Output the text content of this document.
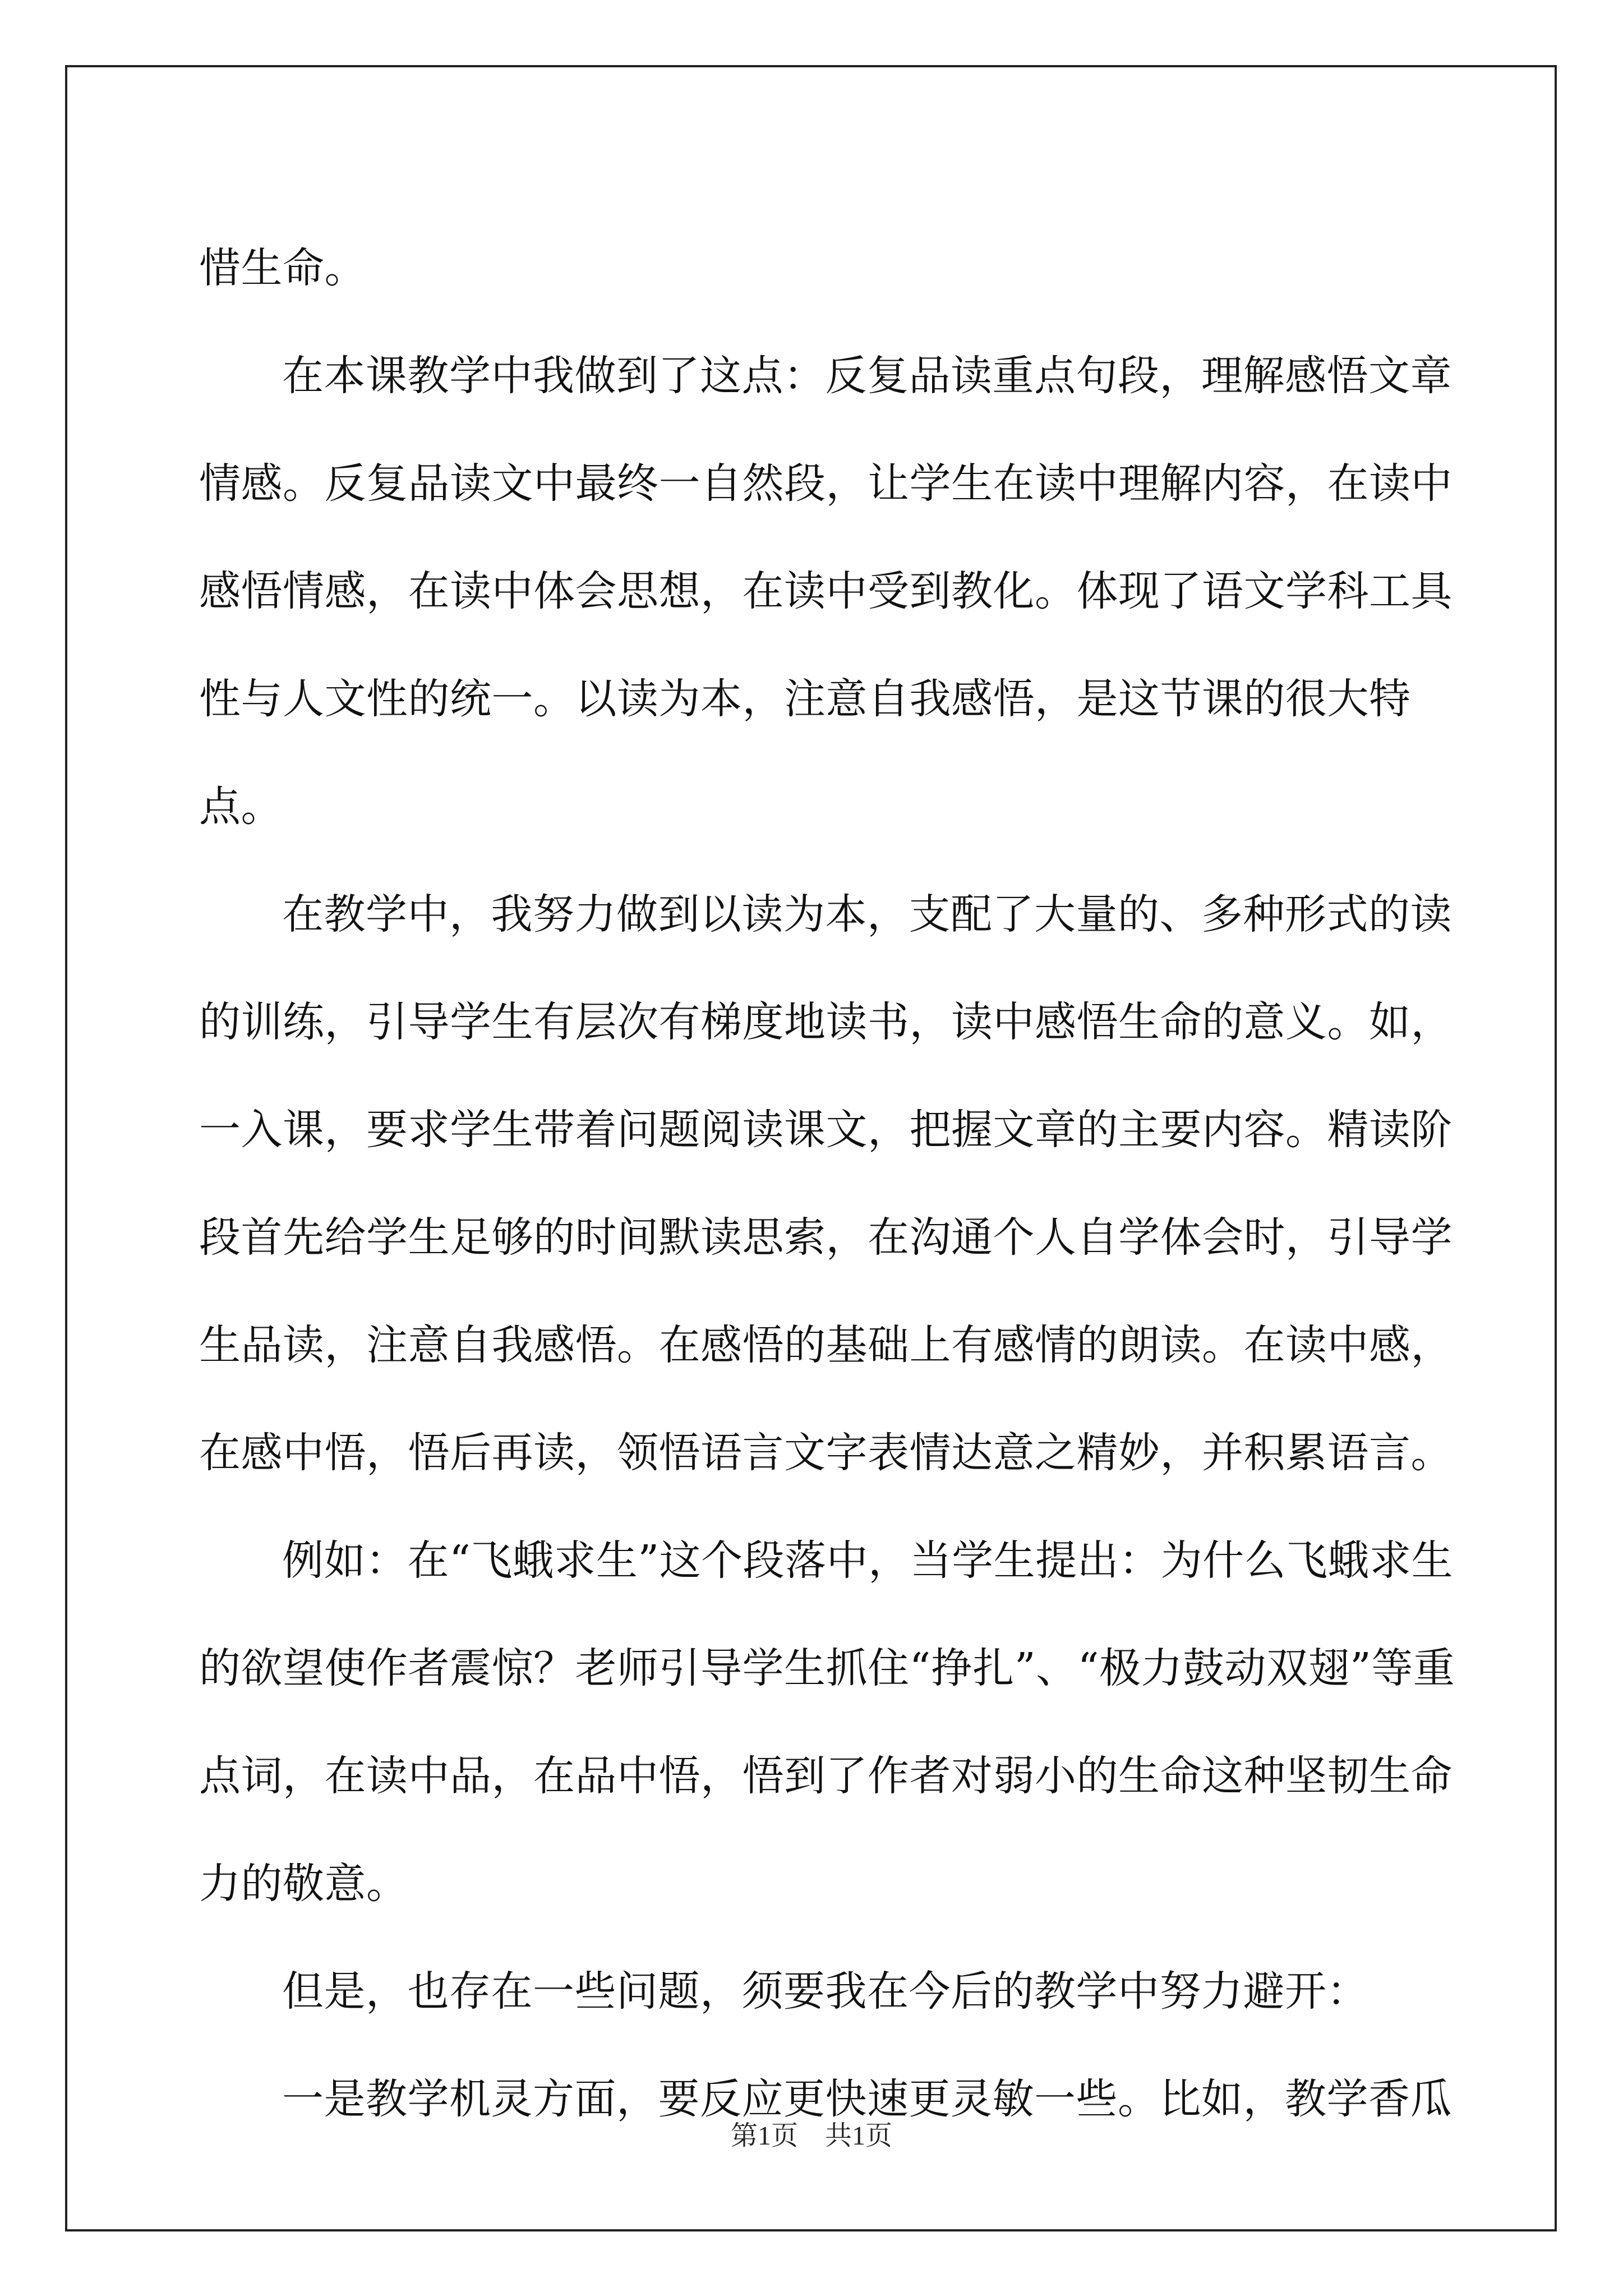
惜生命。

在本课教学中我做到了这点：反复品读重点句段，理解感悟文章情感。反复品读文中最终一自然段，让学生在读中理解内容，在读中感悟情感，在读中体会思想，在读中受到教化。体现了语文学科工具性与人文性的统一。以读为本，注意自我感悟，是这节课的很大特点。

在教学中，我努力做到以读为本，支配了大量的、多种形式的读的训练，引导学生有层次有梯度地读书，读中感悟生命的意义。如，一入课，要求学生带着问题阅读课文，把握文章的主要内容。精读阶段首先给学生足够的时间默读思索，在沟通个人自学体会时，引导学生品读，注意自我感悟。在感悟的基础上有感情的朗读。在读中感，在感中悟，悟后再读，领悟语言文字表情达意之精妙，并积累语言。

例如：在“飞蛾求生”这个段落中，当学生提出：为什么飞蛾求生的欲望使作者震惊？老师引导学生抓住“挣扎”、“极力鼓动双翅”等重点词，在读中品，在品中悟，悟到了作者对弱小的生命这种坚韧生命力的敬意。

但是，也存在一些问题，须要我在今后的教学中努力避开：

一是教学机灵方面，要反应更快速更灵敏一些。比如，教学香瓜

第1页 共1页
